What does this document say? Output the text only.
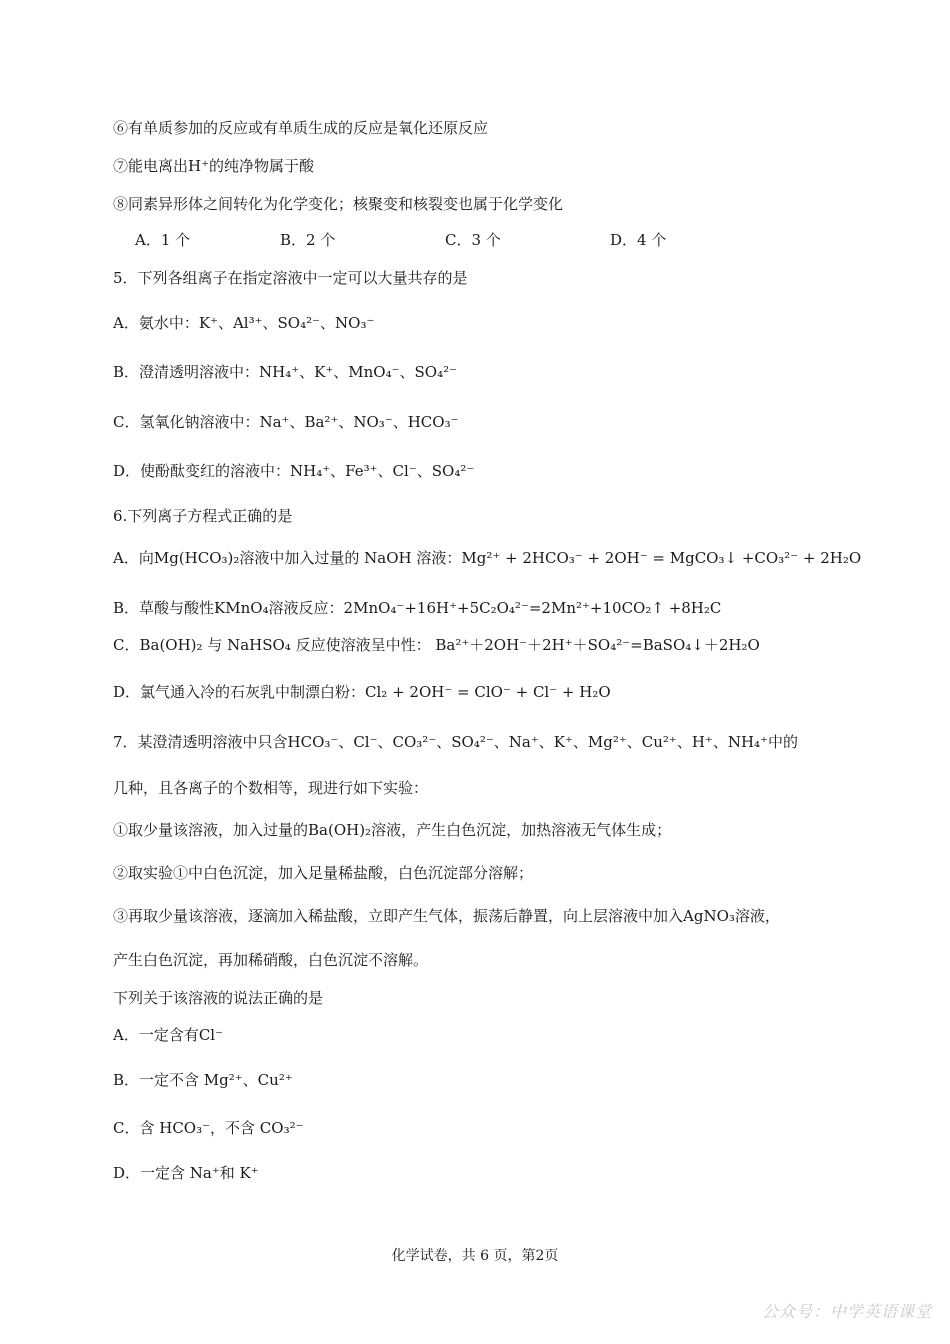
⑥有单质参加的反应或有单质生成的反应是氧化还原反应
⑦能电离出H⁺的纯净物属于酸
⑧同素异形体之间转化为化学变化；核聚变和核裂变也属于化学变化
A．1 个	B．2 个	C．3 个	D．4 个
5．下列各组离子在指定溶液中一定可以大量共存的是
A．氨水中：K⁺、Al³⁺、SO₄²⁻、NO₃⁻
B．澄清透明溶液中：NH₄⁺、K⁺、MnO₄⁻、SO₄²⁻
C．氢氧化钠溶液中：Na⁺、Ba²⁺、NO₃⁻、HCO₃⁻
D．使酚酞变红的溶液中：NH₄⁺、Fe³⁺、Cl⁻、SO₄²⁻
6.下列离子方程式正确的是
A．向Mg(HCO₃)₂溶液中加入过量的 NaOH 溶液：Mg²⁺ + 2HCO₃⁻ + 2OH⁻ = MgCO₃↓ +CO₃²⁻ + 2H₂O
B．草酸与酸性KMnO₄溶液反应：2MnO₄⁻+16H⁺+5C₂O₄²⁻=2Mn²⁺+10CO₂↑ +8H₂C
C．Ba(OH)₂ 与 NaHSO₄ 反应使溶液呈中性： Ba²⁺＋2OH⁻＋2H⁺＋SO₄²⁻=BaSO₄↓＋2H₂O
D．氯气通入冷的石灰乳中制漂白粉：Cl₂ + 2OH⁻ = ClO⁻ + Cl⁻ + H₂O
7．某澄清透明溶液中只含HCO₃⁻、Cl⁻、CO₃²⁻、SO₄²⁻、Na⁺、K⁺、Mg²⁺、Cu²⁺、H⁺、NH₄⁺中的
几种，且各离子的个数相等，现进行如下实验：
①取少量该溶液，加入过量的Ba(OH)₂溶液，产生白色沉淀，加热溶液无气体生成；
②取实验①中白色沉淀，加入足量稀盐酸，白色沉淀部分溶解；
③再取少量该溶液，逐滴加入稀盐酸，立即产生气体，振荡后静置，向上层溶液中加入AgNO₃溶液，
产生白色沉淀，再加稀硝酸，白色沉淀不溶解。
下列关于该溶液的说法正确的是
A．一定含有Cl⁻
B．一定不含 Mg²⁺、Cu²⁺
C．含 HCO₃⁻，不含 CO₃²⁻
D．一定含 Na⁺和 K⁺
化学试卷，共 6 页，第2页
公众号：中学英语课堂
